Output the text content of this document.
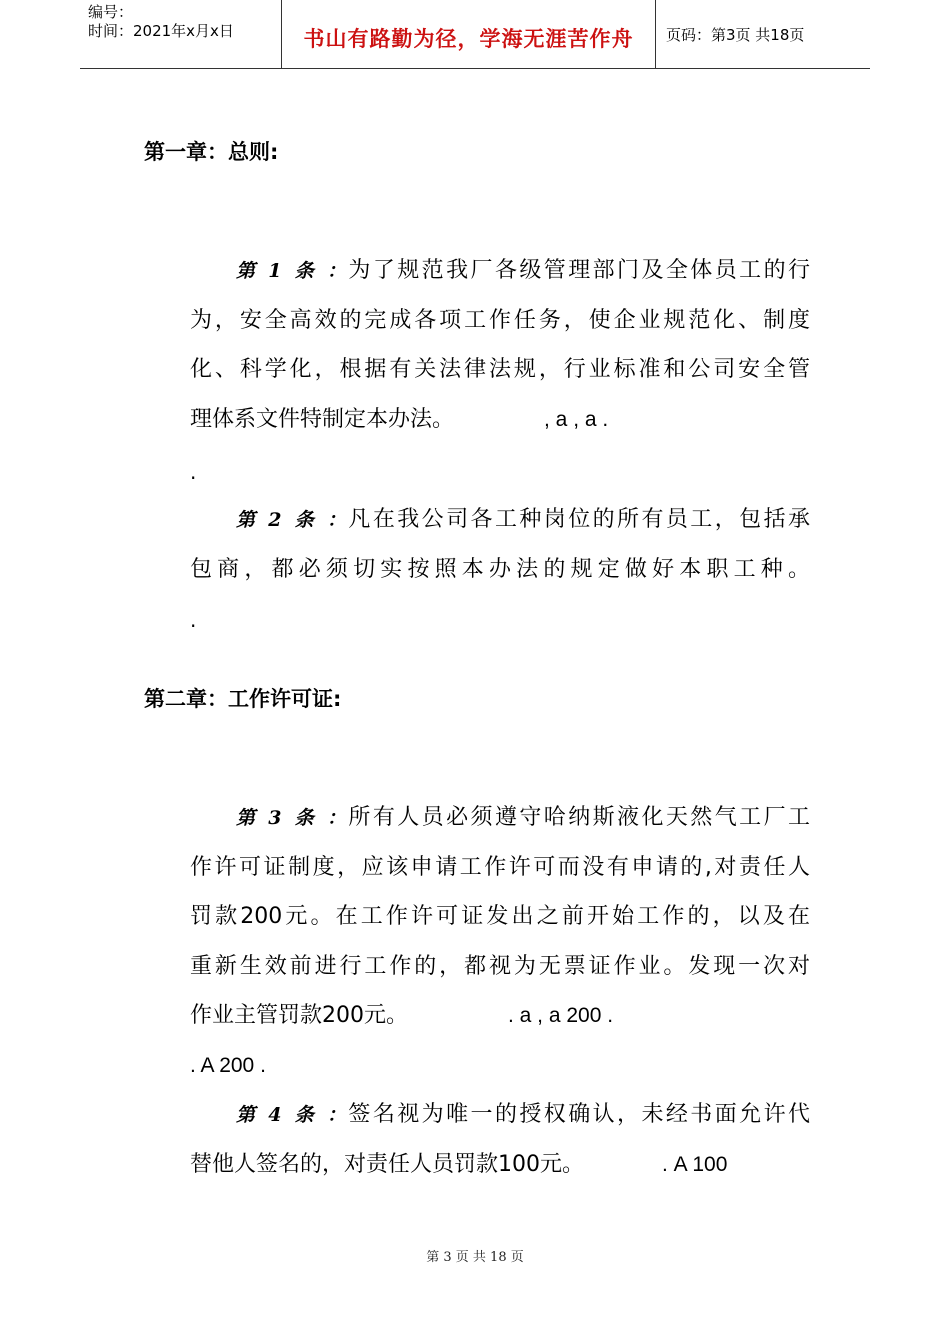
编号：
时间：2021年x月x日	书山有路勤为径，学海无涯苦作舟	页码：第3页 共18页
第一章：总则:
第1条：为了规范我厂各级管理部门及全体员工的行
为，安全高效的完成各项工作任务，使企业规范化、制度
化、科学化，根据有关法律法规，行业标准和公司安全管
理体系文件特制定本办法。	, a , a .
.
第2条：凡在我公司各工种岗位的所有员工，包括承
包商，都必须切实按照本办法的规定做好本职工种。
.
第二章：工作许可证:
第3条：所有人员必须遵守哈纳斯液化天然气工厂工
作许可证制度，应该申请工作许可而没有申请的,对责任人
罚款200元。在工作许可证发出之前开始工作的，以及在
重新生效前进行工作的，都视为无票证作业。发现一次对
作业主管罚款200元。	. a , a 200 .
. A 200 .
第4条：签名视为唯一的授权确认，未经书面允许代
替他人签名的，对责任人员罚款100元。	. A 100
第 3 页 共 18 页
